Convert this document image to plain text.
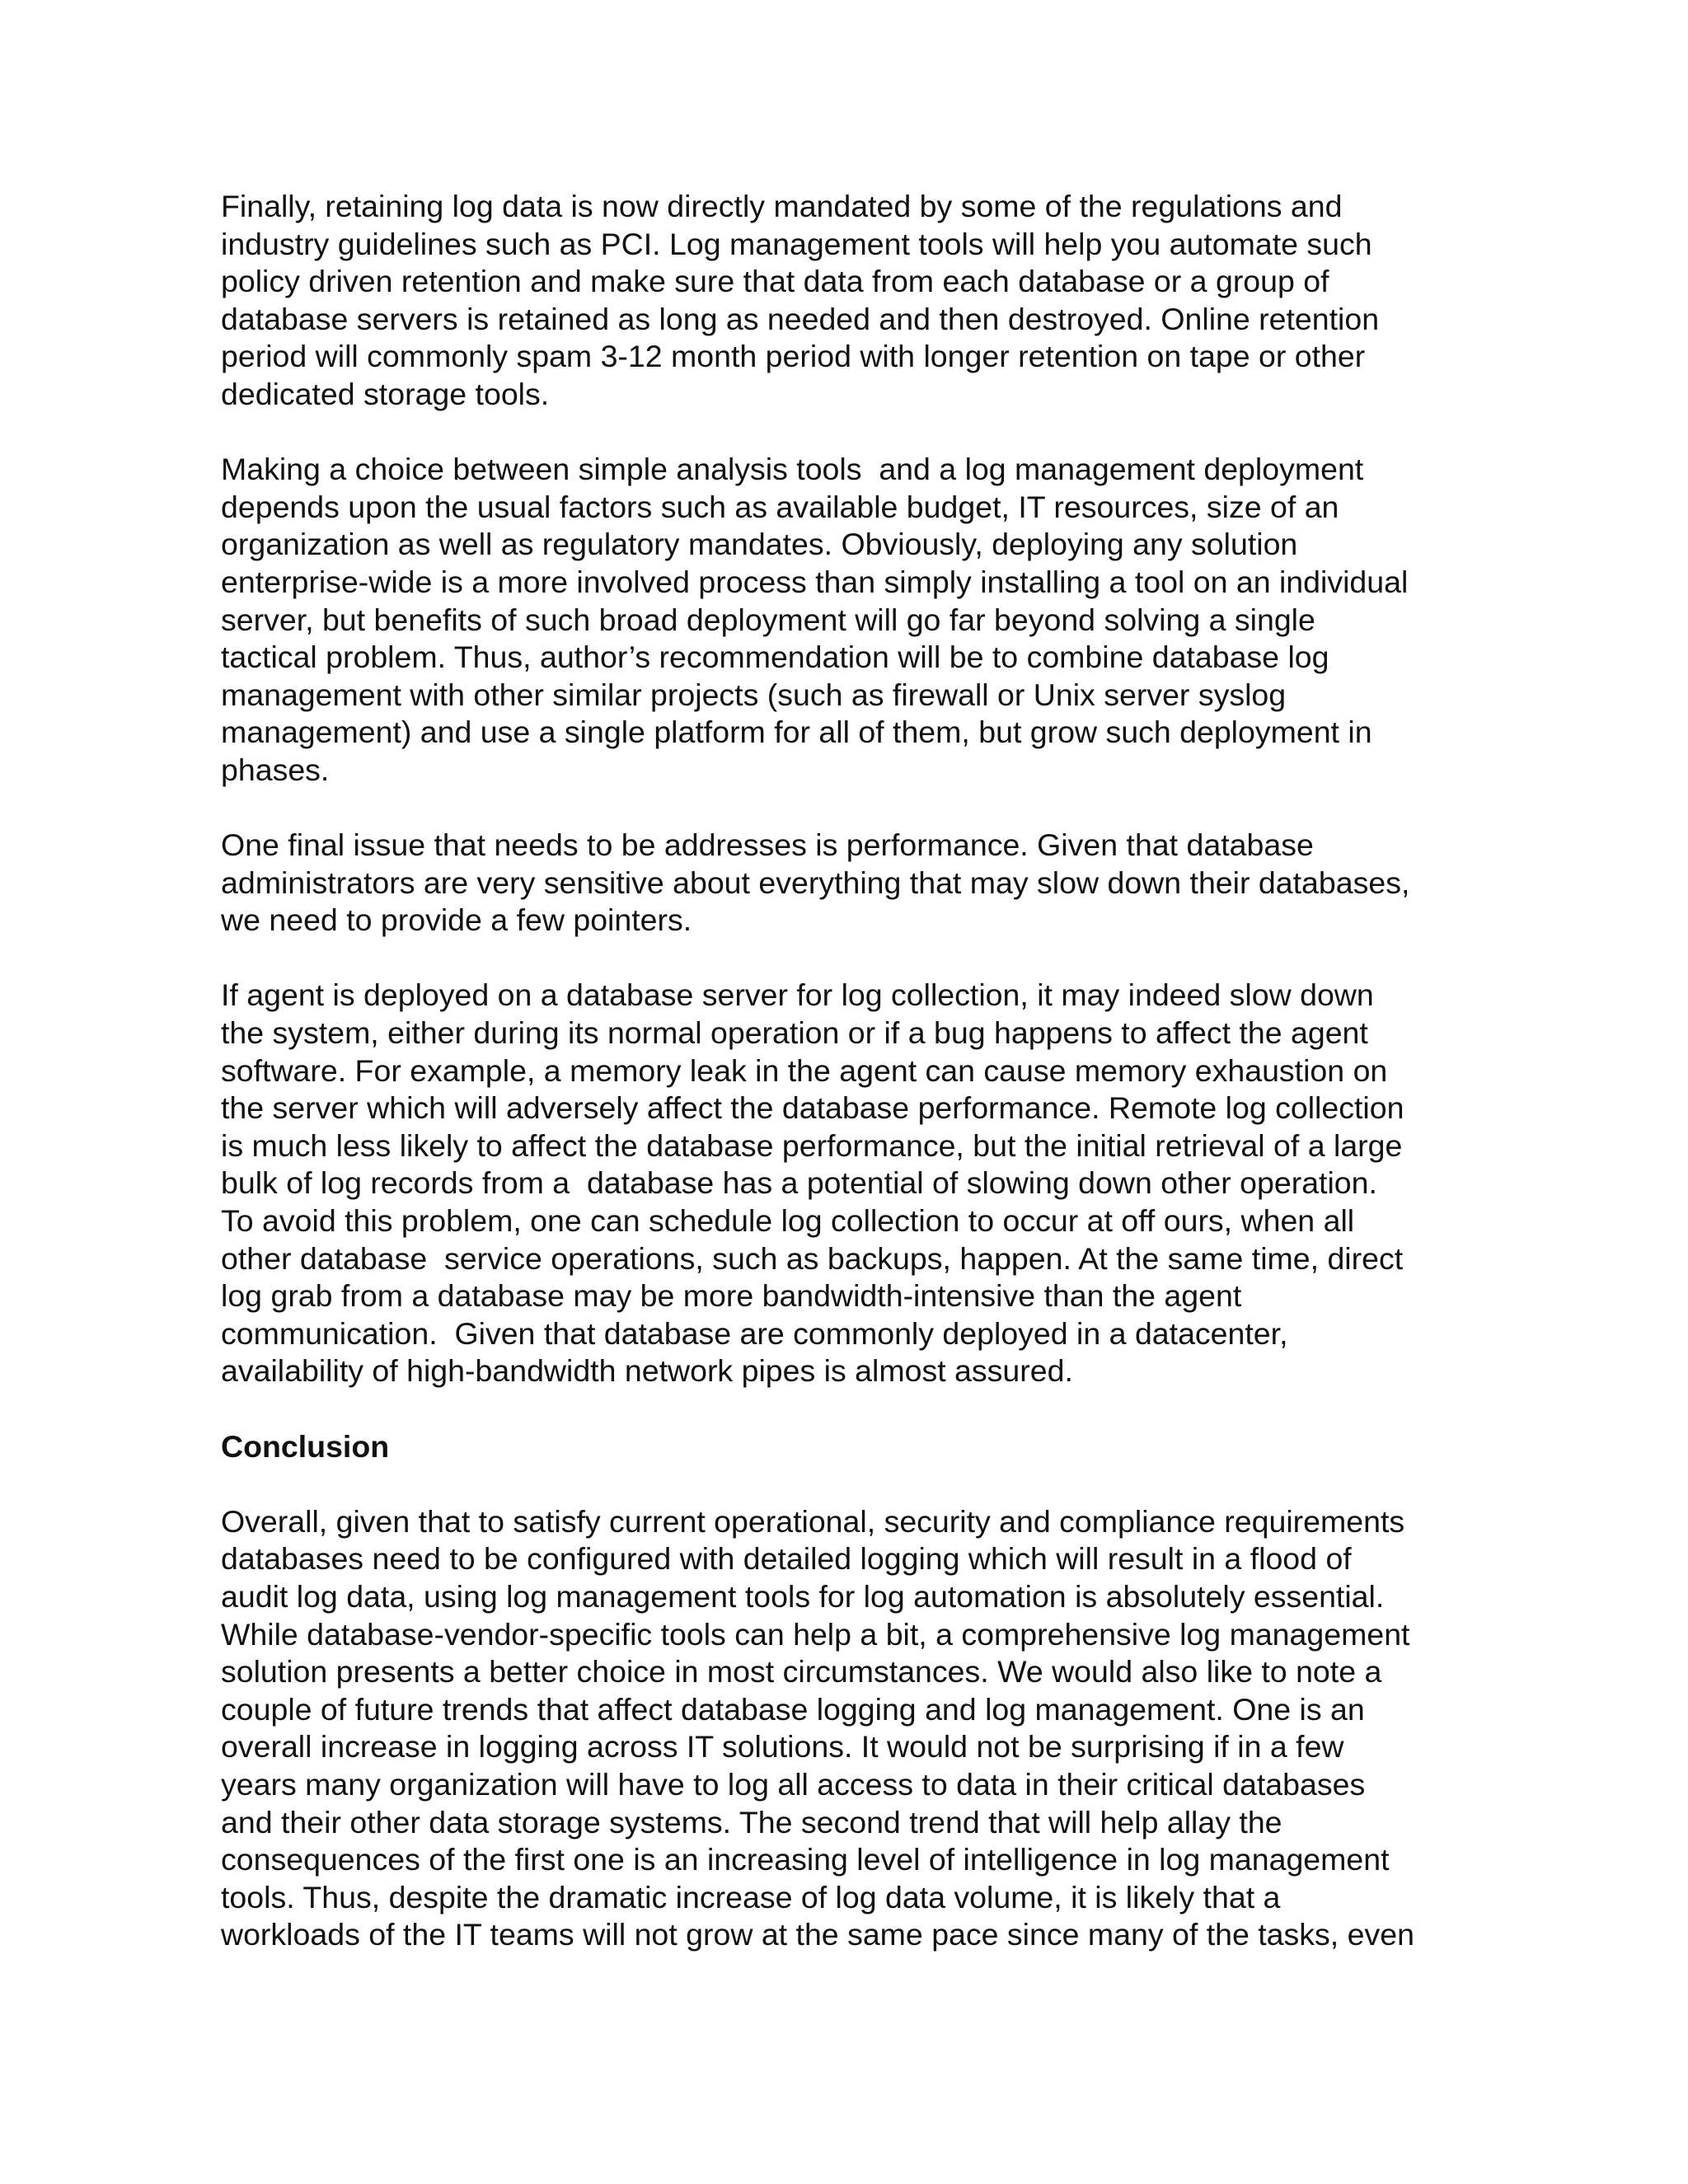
Finally, retaining log data is now directly mandated by some of the regulations and
industry guidelines such as PCI. Log management tools will help you automate such
policy driven retention and make sure that data from each database or a group of
database servers is retained as long as needed and then destroyed. Online retention
period will commonly spam 3-12 month period with longer retention on tape or other
dedicated storage tools.
Making a choice between simple analysis tools  and a log management deployment
depends upon the usual factors such as available budget, IT resources, size of an
organization as well as regulatory mandates. Obviously, deploying any solution
enterprise-wide is a more involved process than simply installing a tool on an individual
server, but benefits of such broad deployment will go far beyond solving a single
tactical problem. Thus, author’s recommendation will be to combine database log
management with other similar projects (such as firewall or Unix server syslog
management) and use a single platform for all of them, but grow such deployment in
phases.
One final issue that needs to be addresses is performance. Given that database
administrators are very sensitive about everything that may slow down their databases,
we need to provide a few pointers.
If agent is deployed on a database server for log collection, it may indeed slow down
the system, either during its normal operation or if a bug happens to affect the agent
software. For example, a memory leak in the agent can cause memory exhaustion on
the server which will adversely affect the database performance. Remote log collection
is much less likely to affect the database performance, but the initial retrieval of a large
bulk of log records from a  database has a potential of slowing down other operation.
To avoid this problem, one can schedule log collection to occur at off ours, when all
other database  service operations, such as backups, happen. At the same time, direct
log grab from a database may be more bandwidth-intensive than the agent
communication.  Given that database are commonly deployed in a datacenter,
availability of high-bandwidth network pipes is almost assured.
Conclusion
Overall, given that to satisfy current operational, security and compliance requirements
databases need to be configured with detailed logging which will result in a flood of
audit log data, using log management tools for log automation is absolutely essential.
While database-vendor-specific tools can help a bit, a comprehensive log management
solution presents a better choice in most circumstances. We would also like to note a
couple of future trends that affect database logging and log management. One is an
overall increase in logging across IT solutions. It would not be surprising if in a few
years many organization will have to log all access to data in their critical databases
and their other data storage systems. The second trend that will help allay the
consequences of the first one is an increasing level of intelligence in log management
tools. Thus, despite the dramatic increase of log data volume, it is likely that a
workloads of the IT teams will not grow at the same pace since many of the tasks, even
